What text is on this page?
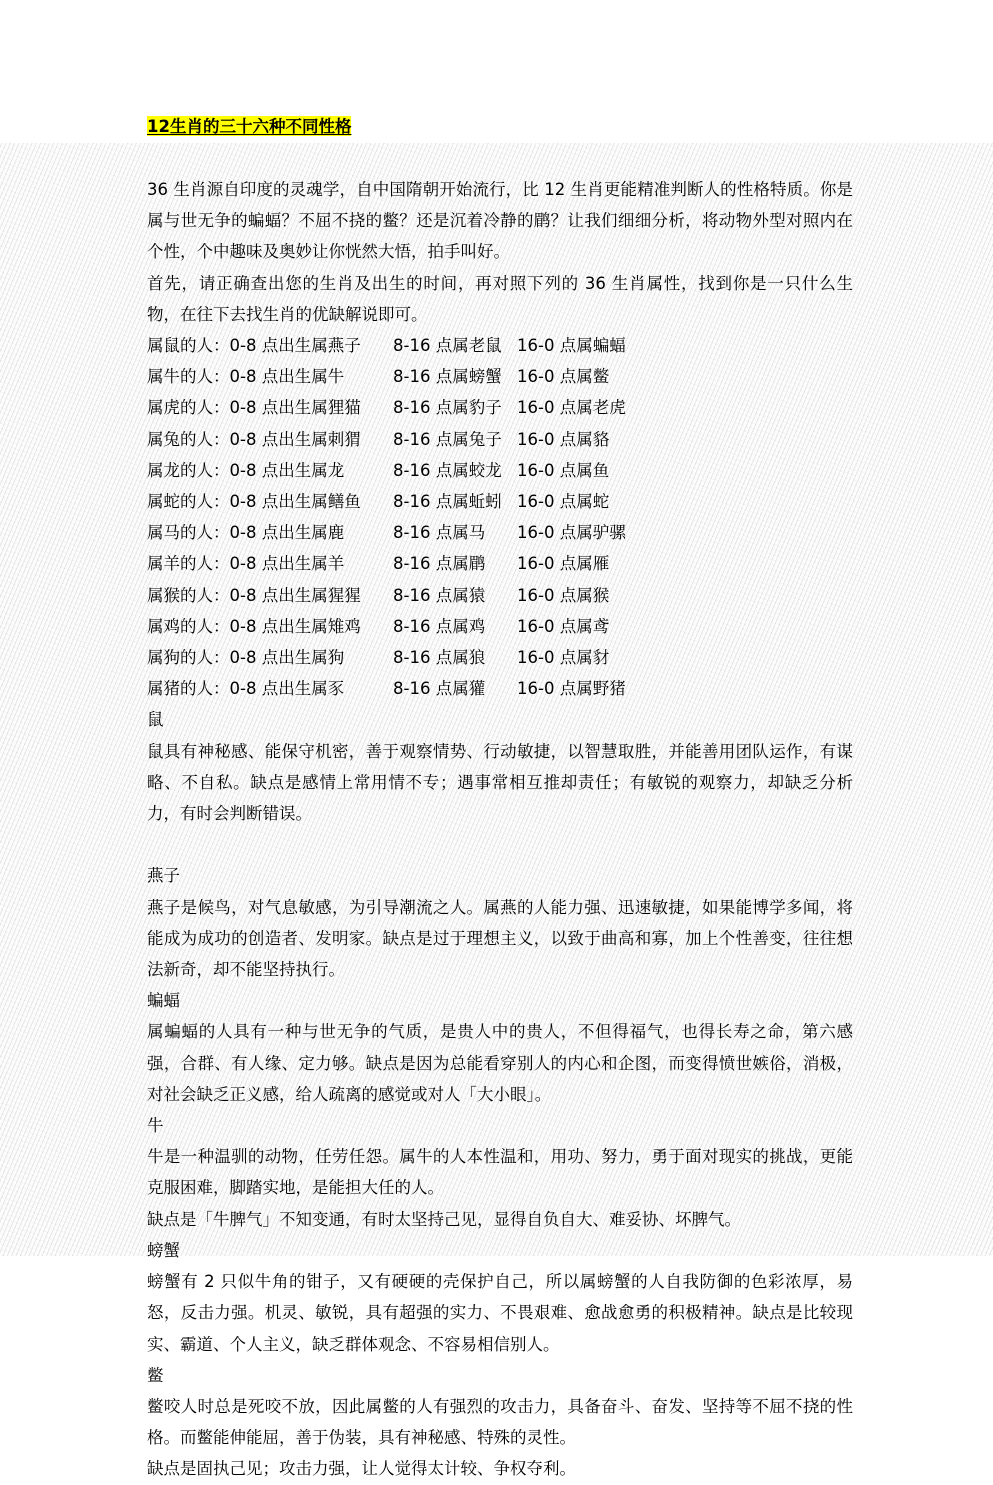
12生肖的三十六种不同性格

36 生肖源自印度的灵魂学，自中国隋朝开始流行，比 12 生肖更能精准判断人的性格特质。你是属与世无争的蝙蝠？不屈不挠的鳖？还是沉着冷静的鹛？让我们细细分析，将动物外型对照内在个性，个中趣味及奥妙让你恍然大悟，拍手叫好。

首先，请正确查出您的生肖及出生的时间，再对照下列的 36 生肖属性，找到你是一只什么生物，在往下去找生肖的优缺解说即可。

属鼠的人：0-8 点出生属燕子	8-16 点属老鼠	16-0 点属蝙蝠
属牛的人：0-8 点出生属牛	8-16 点属螃蟹	16-0 点属鳖
属虎的人：0-8 点出生属狸猫	8-16 点属豹子	16-0 点属老虎
属兔的人：0-8 点出生属刺猬	8-16 点属兔子	16-0 点属貉
属龙的人：0-8 点出生属龙	8-16 点属蛟龙	16-0 点属鱼
属蛇的人：0-8 点出生属鳝鱼	8-16 点属蚯蚓	16-0 点属蛇
属马的人：0-8 点出生属鹿	8-16 点属马	16-0 点属驴骡
属羊的人：0-8 点出生属羊	8-16 点属鹛	16-0 点属雁
属猴的人：0-8 点出生属猩猩	8-16 点属猿	16-0 点属猴
属鸡的人：0-8 点出生属雉鸡	8-16 点属鸡	16-0 点属鸢
属狗的人：0-8 点出生属狗	8-16 点属狼	16-0 点属豺
属猪的人：0-8 点出生属豕	8-16 点属獾	16-0 点属野猪

鼠

鼠具有神秘感、能保守机密，善于观察情势、行动敏捷，以智慧取胜，并能善用团队运作，有谋略、不自私。缺点是感情上常用情不专；遇事常相互推却责任；有敏锐的观察力，却缺乏分析力，有时会判断错误。

燕子

燕子是候鸟，对气息敏感，为引导潮流之人。属燕的人能力强、迅速敏捷，如果能博学多闻，将能成为成功的创造者、发明家。缺点是过于理想主义，以致于曲高和寡，加上个性善变，往往想法新奇，却不能坚持执行。

蝙蝠

属蝙蝠的人具有一种与世无争的气质，是贵人中的贵人，不但得福气，也得长寿之命，第六感强，合群、有人缘、定力够。缺点是因为总能看穿别人的内心和企图，而变得愤世嫉俗，消极，对社会缺乏正义感，给人疏离的感觉或对人「大小眼」。

牛

牛是一种温驯的动物，任劳任怨。属牛的人本性温和，用功、努力，勇于面对现实的挑战，更能克服困难，脚踏实地，是能担大任的人。

缺点是「牛脾气」不知变通，有时太坚持己见，显得自负自大、难妥协、坏脾气。

螃蟹

螃蟹有 2 只似牛角的钳子，又有硬硬的壳保护自己，所以属螃蟹的人自我防御的色彩浓厚，易怒，反击力强。机灵、敏锐，具有超强的实力、不畏艰难、愈战愈勇的积极精神。缺点是比较现实、霸道、个人主义，缺乏群体观念、不容易相信别人。

鳖

鳖咬人时总是死咬不放，因此属鳖的人有强烈的攻击力，具备奋斗、奋发、坚持等不屈不挠的性格。而鳖能伸能屈，善于伪装，具有神秘感、特殊的灵性。

缺点是固执己见；攻击力强，让人觉得太计较、争权夺利。
